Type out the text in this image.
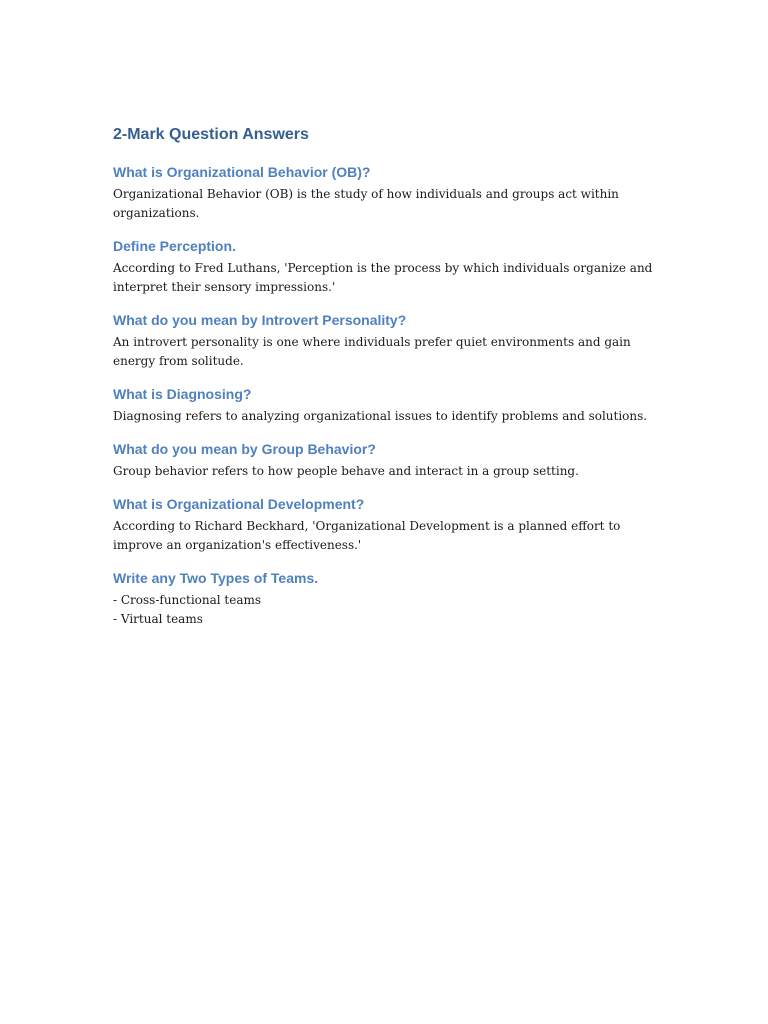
2-Mark Question Answers
What is Organizational Behavior (OB)?

Organizational Behavior (OB) is the study of how individuals and groups act within organizations.

Define Perception.

According to Fred Luthans, 'Perception is the process by which individuals organize and interpret their sensory impressions.'

What do you mean by Introvert Personality?

An introvert personality is one where individuals prefer quiet environments and gain energy from solitude.

What is Diagnosing?

Diagnosing refers to analyzing organizational issues to identify problems and solutions.

What do you mean by Group Behavior?

Group behavior refers to how people behave and interact in a group setting.

What is Organizational Development?

According to Richard Beckhard, 'Organizational Development is a planned effort to improve an organization's effectiveness.'

Write any Two Types of Teams.

- Cross-functional teams
- Virtual teams
